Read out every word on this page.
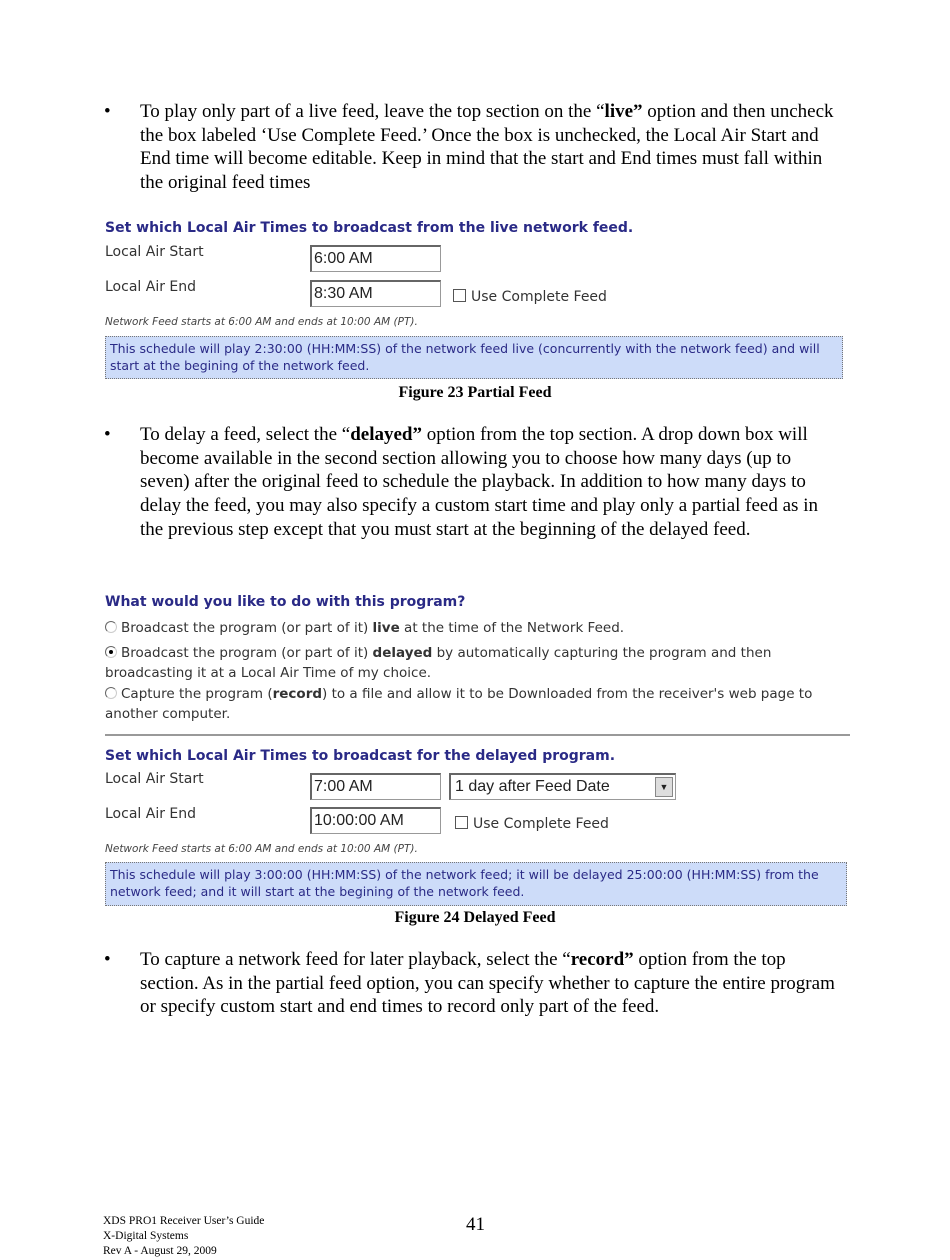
• To play only part of a live feed, leave the top section on the “live” option and then uncheck the box labeled ‘Use Complete Feed.’ Once the box is unchecked, the Local Air Start and End time will become editable. Keep in mind that the start and End times must fall within the original feed times
Set which Local Air Times to broadcast from the live network feed.
Local Air Start	6:00 AM
Local Air End	8:30 AM	Use Complete Feed
Network Feed starts at 6:00 AM and ends at 10:00 AM (PT).
This schedule will play 2:30:00 (HH:MM:SS) of the network feed live (concurrently with the network feed) and will start at the begining of the network feed.
Figure 23 Partial Feed
• To delay a feed, select the “delayed” option from the top section. A drop down box will become available in the second section allowing you to choose how many days (up to seven) after the original feed to schedule the playback. In addition to how many days to delay the feed, you may also specify a custom start time and play only a partial feed as in the previous step except that you must start at the beginning of the delayed feed.
What would you like to do with this program?
Broadcast the program (or part of it) live at the time of the Network Feed.
Broadcast the program (or part of it) delayed by automatically capturing the program and then broadcasting it at a Local Air Time of my choice.
Capture the program (record) to a file and allow it to be Downloaded from the receiver's web page to another computer.
Set which Local Air Times to broadcast for the delayed program.
Local Air Start	7:00 AM	1 day after Feed Date	▼
Local Air End	10:00:00 AM	Use Complete Feed
Network Feed starts at 6:00 AM and ends at 10:00 AM (PT).
This schedule will play 3:00:00 (HH:MM:SS) of the network feed; it will be delayed 25:00:00 (HH:MM:SS) from the network feed; and it will start at the begining of the network feed.
Figure 24 Delayed Feed
• To capture a network feed for later playback, select the “record” option from the top section. As in the partial feed option, you can specify whether to capture the entire program or specify custom start and end times to record only part of the feed.
XDS PRO1 Receiver User’s Guide
X-Digital Systems
Rev A - August 29, 2009
41
